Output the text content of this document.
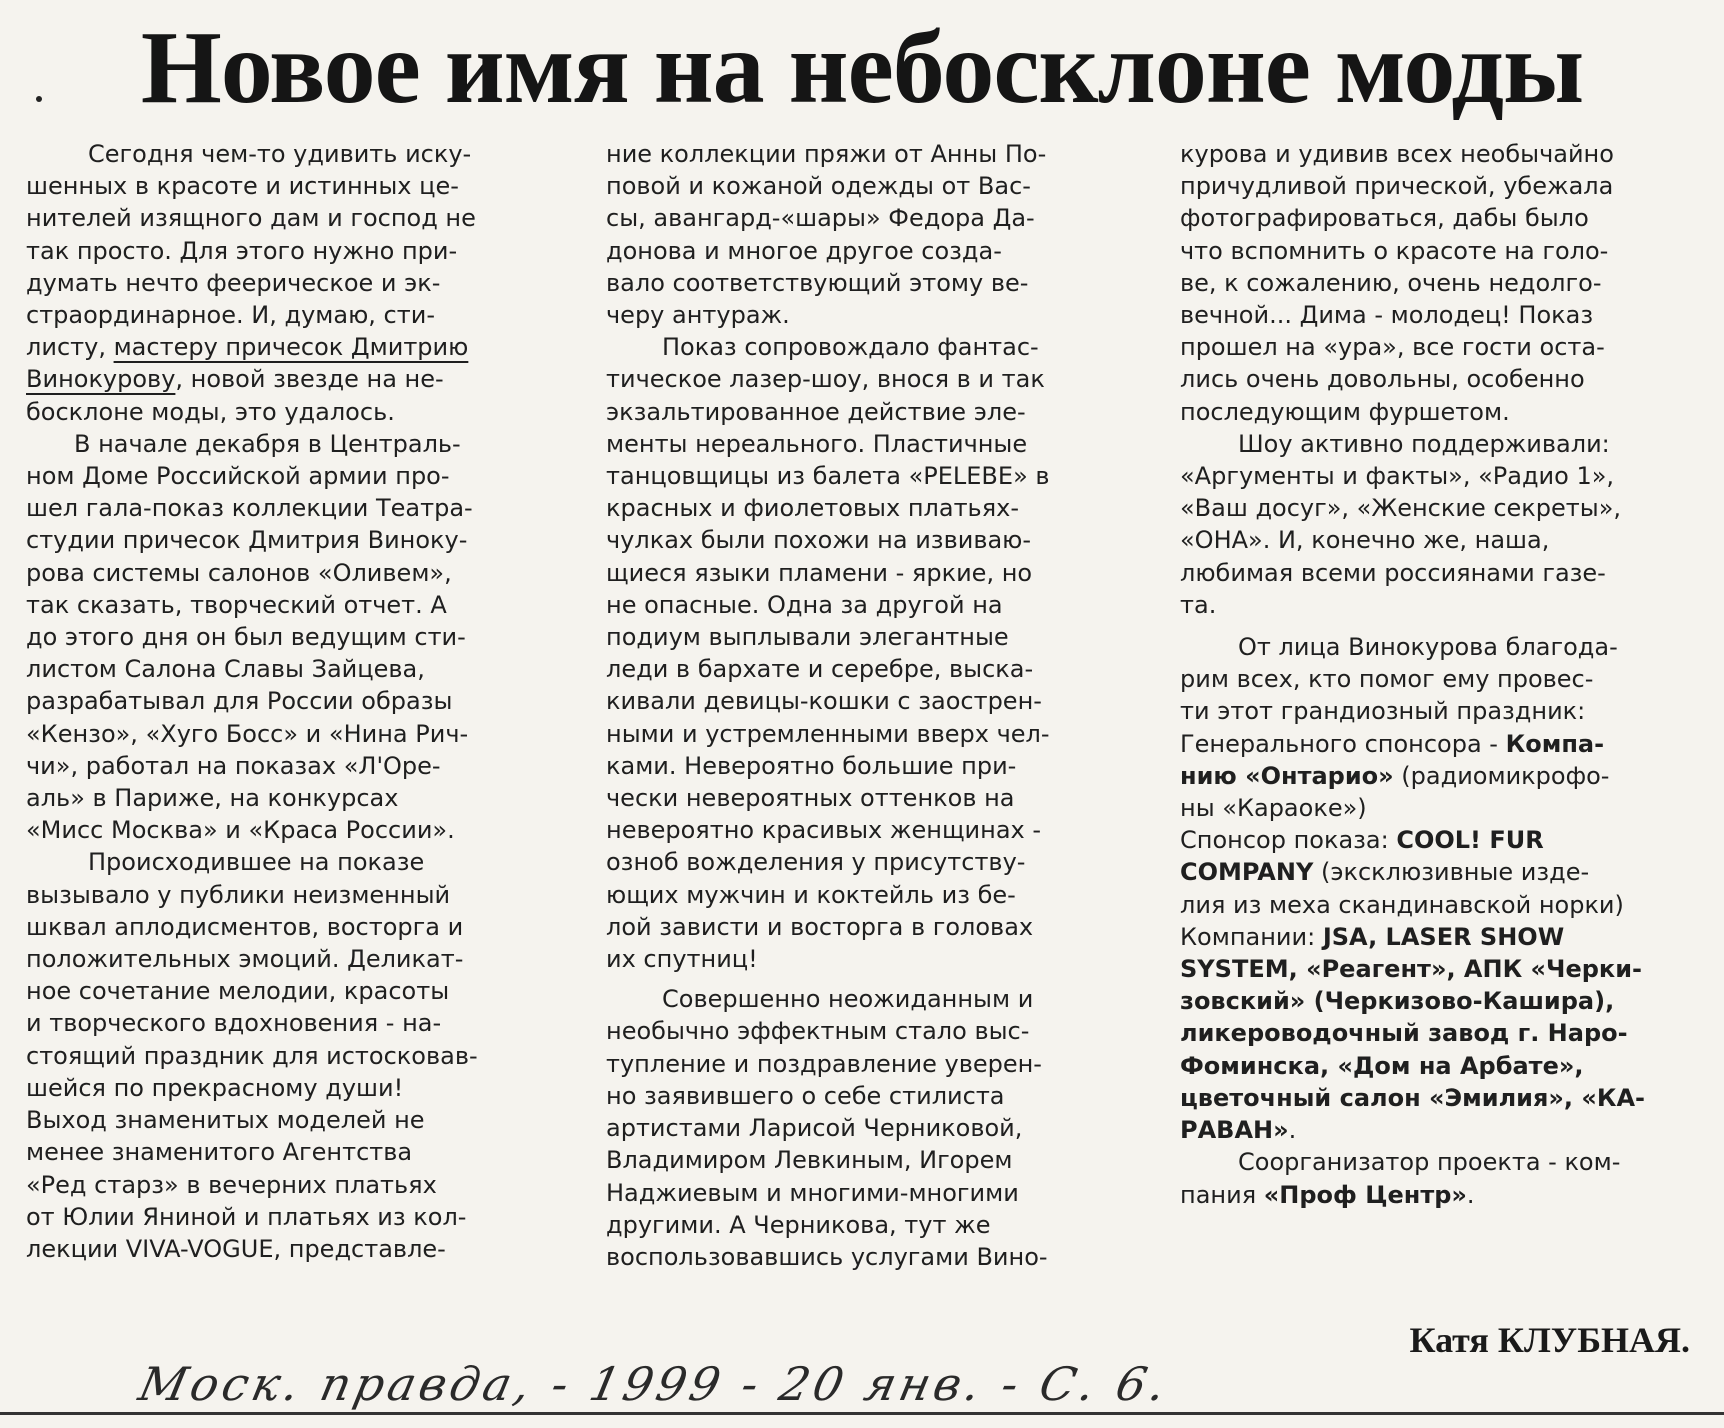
Новое имя на небосклоне моды

Сегодня чем-то удивить иску-
шенных в красоте и истинных це-
нителей изящного дам и господ не
так просто. Для этого нужно при-
думать нечто феерическое и эк-
страординарное. И, думаю, сти-
листу, мастеру причесок Дмитрию
Винокурову, новой звезде на не-
босклоне моды, это удалось.

В начале декабря в Централь-
ном Доме Российской армии про-
шел гала-показ коллекции Театра-
студии причесок Дмитрия Виноку-
рова системы салонов «Оливем»,
так сказать, творческий отчет. А
до этого дня он был ведущим сти-
листом Салона Славы Зайцева,
разрабатывал для России образы
«Кензо», «Хуго Босс» и «Нина Рич-
чи», работал на показах «Л'Оре-
аль» в Париже, на конкурсах
«Мисс Москва» и «Краса России».

Происходившее на показе
вызывало у публики неизменный
шквал аплодисментов, восторга и
положительных эмоций. Деликат-
ное сочетание мелодии, красоты
и творческого вдохновения - на-
стоящий праздник для истосковав-
шейся по прекрасному души!
Выход знаменитых моделей не
менее знаменитого Агентства
«Ред старз» в вечерних платьях
от Юлии Яниной и платьях из кол-
лекции VIVA-VOGUE, представле-

ние коллекции пряжи от Анны По-
повой и кожаной одежды от Вас-
сы, авангард-«шары» Федора Да-
донова и многое другое созда-
вало соответствующий этому ве-
черу антураж.

Показ сопровождало фантас-
тическое лазер-шоу, внося в и так
экзальтированное действие эле-
менты нереального. Пластичные
танцовщицы из балета «PELEBE» в
красных и фиолетовых платьях-
чулках были похожи на извиваю-
щиеся языки пламени - яркие, но
не опасные. Одна за другой на
подиум выплывали элегантные
леди в бархате и серебре, выска-
кивали девицы-кошки с заострен-
ными и устремленными вверх чел-
ками. Невероятно большие при-
чески невероятных оттенков на
невероятно красивых женщинах -
озноб вожделения у присутству-
ющих мужчин и коктейль из бе-
лой зависти и восторга в головах
их спутниц!

Совершенно неожиданным и
необычно эффектным стало выс-
тупление и поздравление уверен-
но заявившего о себе стилиста
артистами Ларисой Черниковой,
Владимиром Левкиным, Игорем
Наджиевым и многими-многими
другими. А Черникова, тут же
воспользовавшись услугами Вино-

курова и удивив всех необычайно
причудливой прической, убежала
фотографироваться, дабы было
что вспомнить о красоте на голо-
ве, к сожалению, очень недолго-
вечной... Дима - молодец! Показ
прошел на «ура», все гости оста-
лись очень довольны, особенно
последующим фуршетом.

Шоу активно поддерживали:
«Аргументы и факты», «Радио 1»,
«Ваш досуг», «Женские секреты»,
«ОНА». И, конечно же, наша,
любимая всеми россиянами газе-
та.

От лица Винокурова благода-
рим всех, кто помог ему провес-
ти этот грандиозный праздник:
Генерального спонсора - Компа-
нию «Онтарио» (радиомикрофо-
ны «Караоке»)

Спонсор показа: COOL! FUR
COMPANY (эксклюзивные изде-
лия из меха скандинавской норки)

Компании: JSA, LASER SHOW
SYSTEM, «Реагент», АПК «Черки-
зовский» (Черкизово-Кашира),
ликероводочный завод г. Наро-
Фоминска, «Дом на Арбате»,
цветочный салон «Эмилия», «КА-
РАВАН».

Соорганизатор проекта - ком-
пания «Проф Центр».

Катя КЛУБНАЯ.
Моск. правда, - 1999 - 20 янв. - С. 6.
